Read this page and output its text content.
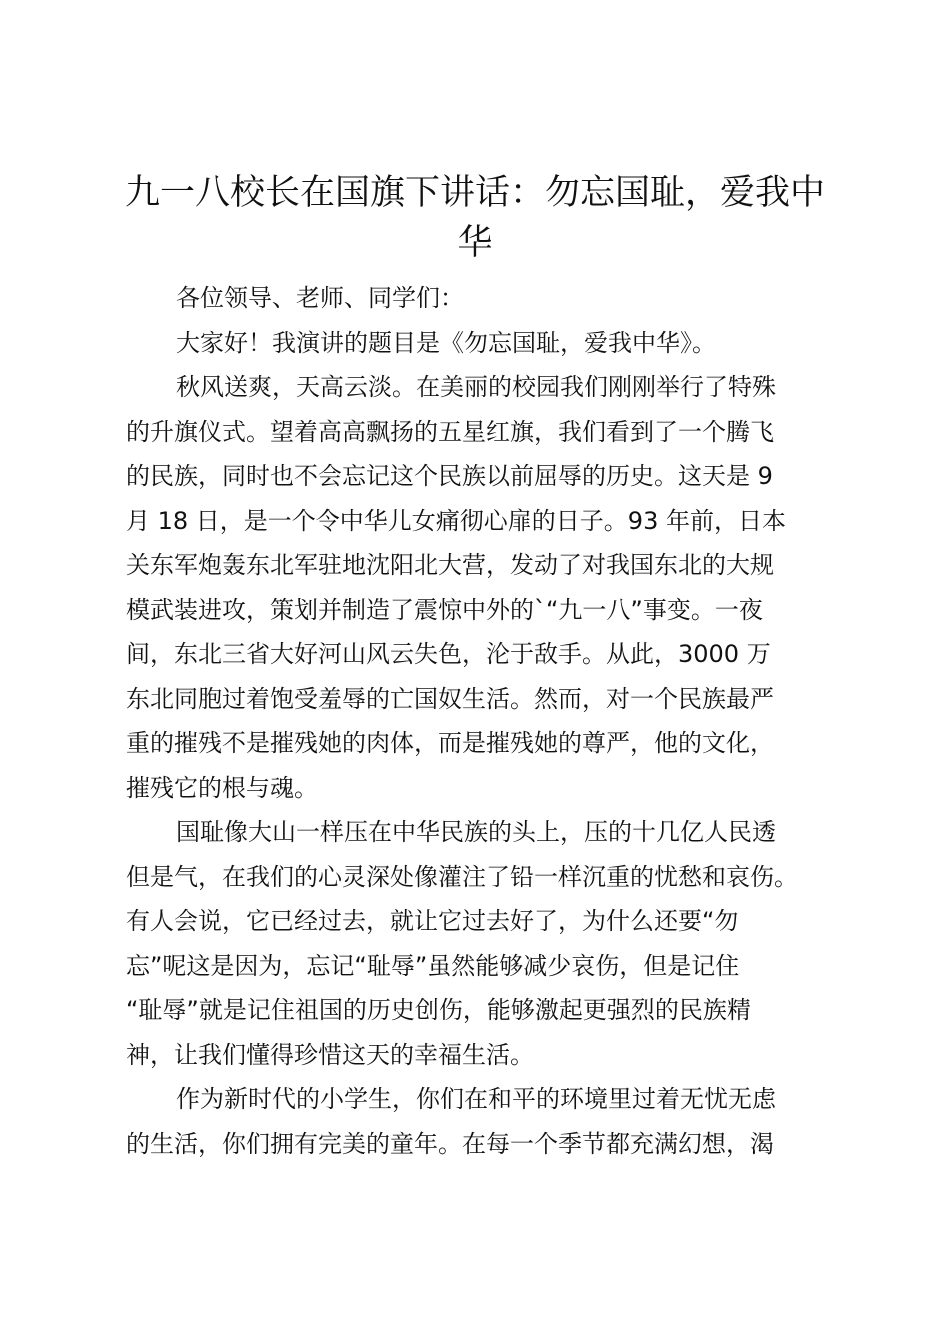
九一八校长在国旗下讲话：勿忘国耻，爱我中
华

各位领导、老师、同学们：

大家好！我演讲的题目是《勿忘国耻，爱我中华》。

秋风送爽，天高云淡。在美丽的校园我们刚刚举行了特殊
的升旗仪式。望着高高飘扬的五星红旗，我们看到了一个腾飞
的民族，同时也不会忘记这个民族以前屈辱的历史。这天是 9
月 18 日，是一个令中华儿女痛彻心扉的日子。93 年前，日本
关东军炮轰东北军驻地沈阳北大营，发动了对我国东北的大规
模武装进攻，策划并制造了震惊中外的`“九一八”事变。一夜
间，东北三省大好河山风云失色，沦于敌手。从此，3000 万
东北同胞过着饱受羞辱的亡国奴生活。然而，对一个民族最严
重的摧残不是摧残她的肉体，而是摧残她的尊严，他的文化，
摧残它的根与魂。

国耻像大山一样压在中华民族的头上，压的十几亿人民透
但是气，在我们的心灵深处像灌注了铅一样沉重的忧愁和哀伤。
有人会说，它已经过去，就让它过去好了，为什么还要“勿
忘”呢这是因为，忘记“耻辱”虽然能够减少哀伤，但是记住
“耻辱”就是记住祖国的历史创伤，能够激起更强烈的民族精
神，让我们懂得珍惜这天的幸福生活。

作为新时代的小学生，你们在和平的环境里过着无忧无虑
的生活，你们拥有完美的童年。在每一个季节都充满幻想，渴
